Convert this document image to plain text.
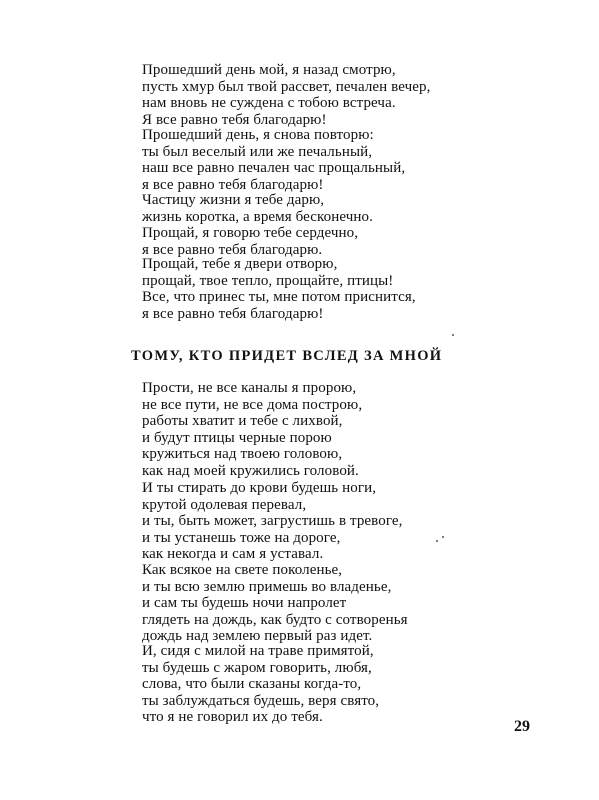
Прошедший день мой, я назад смотрю,
пусть хмур был твой рассвет, печален вечер,
нам вновь не суждена с тобою встреча.
Я все равно тебя благодарю!
Прошедший день, я снова повторю:
ты был веселый или же печальный,
наш все равно печален час прощальный,
я все равно тебя благодарю!
Частицу жизни я тебе дарю,
жизнь коротка, а время бесконечно.
Прощай, я говорю тебе сердечно,
я все равно тебя благодарю.
Прощай, тебе я двери отворю,
прощай, твое тепло, прощайте, птицы!
Все, что принес ты, мне потом приснится,
я все равно тебя благодарю!
ТОМУ, КТО ПРИДЕТ ВСЛЕД ЗА МНОЙ
Прости, не все каналы я пророю,
не все пути, не все дома построю,
работы хватит и тебе с лихвой,
и будут птицы черные порою
кружиться над твоею головою,
как над моей кружились головой.
И ты стирать до крови будешь ноги,
крутой одолевая перевал,
и ты, быть может, загрустишь в тревоге,
и ты устанешь тоже на дороге,
как некогда и сам я уставал.
Как всякое на свете поколенье,
и ты всю землю примешь во владенье,
и сам ты будешь ночи напролет
глядеть на дождь, как будто с сотворенья
дождь над землею первый раз идет.
И, сидя с милой на траве примятой,
ты будешь с жаром говорить, любя,
слова, что были сказаны когда-то,
ты заблуждаться будешь, веря свято,
что я не говорил их до тебя.
29
